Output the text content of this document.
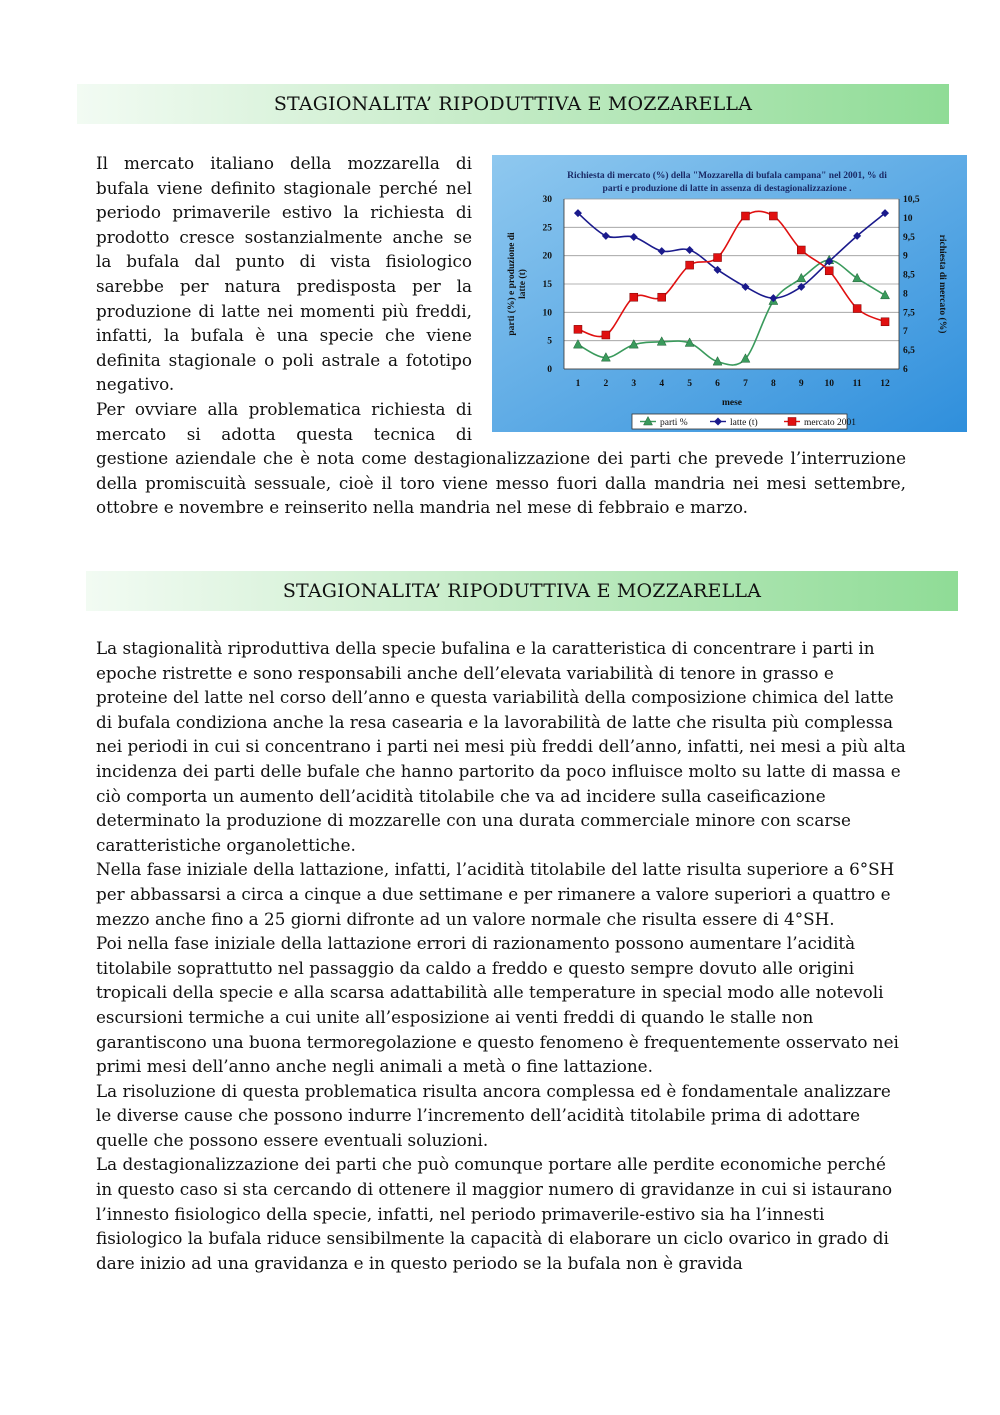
STAGIONALITA’ RIPODUTTIVA E MOZZARELLA

Il mercato italiano della mozzarella di bufala viene definito stagionale perché nel periodo primaverile estivo la richiesta di prodotto cresce sostanzialmente anche se la bufala dal punto di vista fisiologico sarebbe per natura predisposta per la produzione di latte nei momenti più freddi, infatti, la bufala è una specie che viene definita stagionale o poli astrale a fototipo negativo.

Per ovviare alla problematica richiesta di mercato si adotta questa tecnica di gestione aziendale che è nota come destagionalizzazione dei parti che prevede l’interruzione della promiscuità sessuale, cioè il toro viene messo fuori dalla mandria nei mesi settembre, ottobre e novembre e reinserito nella mandria nel mese di febbraio e marzo.

Richiesta di mercato (%) della "Mozzarella di bufala campana" nel 2001, % di
parti e produzione di latte in assenza di destagionalizzazione .
0
5
10
15
20
25
30
6
6,5
7
7,5
8
8,5
9
9,5
10
10,5
1 2 3 4 5 6 7 8 9 10 11 12
parti (%) e produzione di latte (t)	richiesta di mercato (%)
mese
parti %	latte (t)	mercato 2001
STAGIONALITA’ RIPODUTTIVA E MOZZARELLA

La stagionalità riproduttiva della specie bufalina e la caratteristica di concentrare i parti in epoche ristrette e sono responsabili anche dell’elevata variabilità di tenore in grasso e proteine del latte nel corso dell’anno e questa variabilità della composizione chimica del latte di bufala condiziona anche la resa casearia e la lavorabilità de latte che risulta più complessa nei periodi in cui si concentrano i parti nei mesi più freddi dell’anno, infatti, nei mesi a più alta incidenza dei parti delle bufale che hanno partorito da poco influisce molto su latte di massa e ciò comporta un aumento dell’acidità titolabile che va ad incidere sulla caseificazione determinato la produzione di mozzarelle con una durata commerciale minore con scarse caratteristiche organolettiche.

Nella fase iniziale della lattazione, infatti, l’acidità titolabile del latte risulta superiore a 6°SH per abbassarsi a circa a cinque a due settimane e per rimanere a valore superiori a quattro e mezzo anche fino a 25 giorni difronte ad un valore normale che risulta essere di 4°SH.

Poi nella fase iniziale della lattazione errori di razionamento possono aumentare l’acidità titolabile soprattutto nel passaggio da caldo a freddo e questo sempre dovuto alle origini tropicali della specie e alla scarsa adattabilità alle temperature in special modo alle notevoli escursioni termiche a cui unite all’esposizione ai venti freddi di quando le stalle non garantiscono una buona termoregolazione e questo fenomeno è frequentemente osservato nei primi mesi dell’anno anche negli animali a metà o fine lattazione.

La risoluzione di questa problematica risulta ancora complessa ed è fondamentale analizzare le diverse cause che possono indurre l’incremento dell’acidità titolabile prima di adottare quelle che possono essere eventuali soluzioni.

La destagionalizzazione dei parti che può comunque portare alle perdite economiche perché in questo caso si sta cercando di ottenere il maggior numero di gravidanze in cui si istaurano l’innesto fisiologico della specie, infatti, nel periodo primaverile-estivo sia ha l’innesti fisiologico la bufala riduce sensibilmente la capacità di elaborare un ciclo ovarico in grado di dare inizio ad una gravidanza e in questo periodo se la bufala non è gravida
